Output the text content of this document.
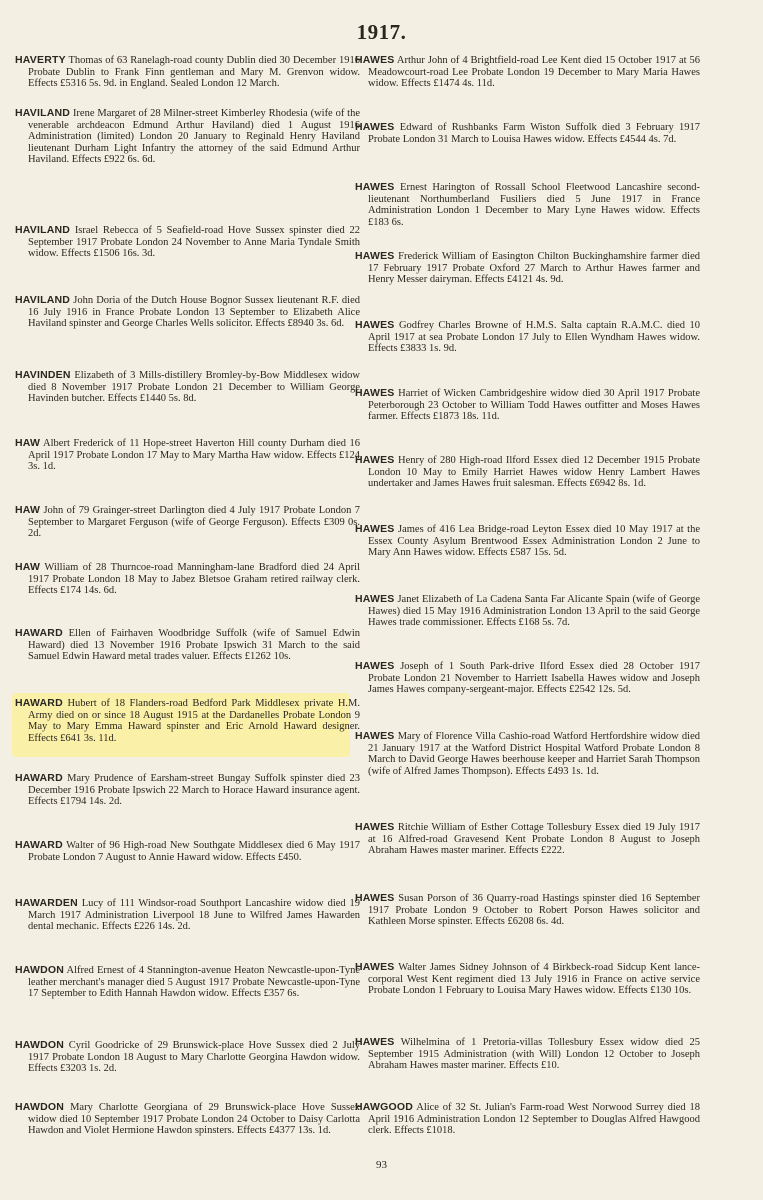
1917.
HAVERTY Thomas of 63 Ranelagh-road county Dublin died 30 December 1916 Probate Dublin to Frank Finn gentleman and Mary M. Grenvon widow. Effects £5316 5s. 9d. in England. Sealed London 12 March.
HAVILAND Irene Margaret of 28 Milner-street Kimberley Rhodesia (wife of the venerable archdeacon Edmund Arthur Haviland) died 1 August 1916 Administration (limited) London 20 January to Reginald Henry Haviland lieutenant Durham Light Infantry the attorney of the said Edmund Arthur Haviland. Effects £922 6s. 6d.
HAVILAND Israel Rebecca of 5 Seafield-road Hove Sussex spinster died 22 September 1917 Probate London 24 November to Anne Maria Tyndale Smith widow. Effects £1506 16s. 3d.
HAVILAND John Doria of the Dutch House Bognor Sussex lieutenant R.F. died 16 July 1916 in France Probate London 13 September to Elizabeth Alice Haviland spinster and George Charles Wells solicitor. Effects £8940 3s. 6d.
HAVINDEN Elizabeth of 3 Mills-distillery Bromley-by-Bow Middlesex widow died 8 November 1917 Probate London 21 December to William George Havinden butcher. Effects £1440 5s. 8d.
HAW Albert Frederick of 11 Hope-street Haverton Hill county Durham died 16 April 1917 Probate London 17 May to Mary Martha Haw widow. Effects £124 3s. 1d.
HAW John of 79 Grainger-street Darlington died 4 July 1917 Probate London 7 September to Margaret Ferguson (wife of George Ferguson). Effects £309 0s. 2d.
HAW William of 28 Thurncoe-road Manningham-lane Bradford died 24 April 1917 Probate London 18 May to Jabez Bletsoe Graham retired railway clerk. Effects £174 14s. 6d.
HAWARD Ellen of Fairhaven Woodbridge Suffolk (wife of Samuel Edwin Haward) died 13 November 1916 Probate Ipswich 31 March to the said Samuel Edwin Haward metal trades valuer. Effects £1262 10s.
HAWARD Hubert of 18 Flanders-road Bedford Park Middlesex private H.M. Army died on or since 18 August 1915 at the Dardanelles Probate London 9 May to Mary Emma Haward spinster and Eric Arnold Haward designer. Effects £641 3s. 11d.
HAWARD Mary Prudence of Earsham-street Bungay Suffolk spinster died 23 December 1916 Probate Ipswich 22 March to Horace Haward insurance agent. Effects £1794 14s. 2d.
HAWARD Walter of 96 High-road New Southgate Middlesex died 6 May 1917 Probate London 7 August to Annie Haward widow. Effects £450.
HAWARDEN Lucy of 111 Windsor-road Southport Lancashire widow died 19 March 1917 Administration Liverpool 18 June to Wilfred James Hawarden dental mechanic. Effects £226 14s. 2d.
HAWDON Alfred Ernest of 4 Stannington-avenue Heaton Newcastle-upon-Tyne leather merchant's manager died 5 August 1917 Probate Newcastle-upon-Tyne 17 September to Edith Hannah Hawdon widow. Effects £357 6s.
HAWDON Cyril Goodricke of 29 Brunswick-place Hove Sussex died 2 July 1917 Probate London 18 August to Mary Charlotte Georgina Hawdon widow. Effects £3203 1s. 2d.
HAWDON Mary Charlotte Georgiana of 29 Brunswick-place Hove Sussex widow died 10 September 1917 Probate London 24 October to Daisy Carlotta Hawdon and Violet Hermione Hawdon spinsters. Effects £4377 13s. 1d.
HAWES Arthur John of 4 Brightfield-road Lee Kent died 15 October 1917 at 56 Meadowcourt-road Lee Probate London 19 December to Mary Maria Hawes widow. Effects £1474 4s. 11d.
HAWES Edward of Rushbanks Farm Wiston Suffolk died 3 February 1917 Probate London 31 March to Louisa Hawes widow. Effects £4544 4s. 7d.
HAWES Ernest Harington of Rossall School Fleetwood Lancashire second-lieutenant Northumberland Fusiliers died 5 June 1917 in France Administration London 1 December to Mary Lyne Hawes widow. Effects £183 6s.
HAWES Frederick William of Easington Chilton Buckinghamshire farmer died 17 February 1917 Probate Oxford 27 March to Arthur Hawes farmer and Henry Messer dairyman. Effects £4121 4s. 9d.
HAWES Godfrey Charles Browne of H.M.S. Salta captain R.A.M.C. died 10 April 1917 at sea Probate London 17 July to Ellen Wyndham Hawes widow. Effects £3833 1s. 9d.
HAWES Harriet of Wicken Cambridgeshire widow died 30 April 1917 Probate Peterborough 23 October to William Todd Hawes outfitter and Moses Hawes farmer. Effects £1873 18s. 11d.
HAWES Henry of 280 High-road Ilford Essex died 12 December 1915 Probate London 10 May to Emily Harriet Hawes widow Henry Lambert Hawes undertaker and James Hawes fruit salesman. Effects £6942 8s. 1d.
HAWES James of 416 Lea Bridge-road Leyton Essex died 10 May 1917 at the Essex County Asylum Brentwood Essex Administration London 2 June to Mary Ann Hawes widow. Effects £587 15s. 5d.
HAWES Janet Elizabeth of La Cadena Santa Far Alicante Spain (wife of George Hawes) died 15 May 1916 Administration London 13 April to the said George Hawes trade commissioner. Effects £168 5s. 7d.
HAWES Joseph of 1 South Park-drive Ilford Essex died 28 October 1917 Probate London 21 November to Harriett Isabella Hawes widow and Joseph James Hawes company-sergeant-major. Effects £2542 12s. 5d.
HAWES Mary of Florence Villa Cashio-road Watford Hertfordshire widow died 21 January 1917 at the Watford District Hospital Watford Probate London 8 March to David George Hawes beerhouse keeper and Harriet Sarah Thompson (wife of Alfred James Thompson). Effects £493 1s. 1d.
HAWES Ritchie William of Esther Cottage Tollesbury Essex died 19 July 1917 at 16 Alfred-road Gravesend Kent Probate London 8 August to Joseph Abraham Hawes master mariner. Effects £222.
HAWES Susan Porson of 36 Quarry-road Hastings spinster died 16 September 1917 Probate London 9 October to Robert Porson Hawes solicitor and Kathleen Morse spinster. Effects £6208 6s. 4d.
HAWES Walter James Sidney Johnson of 4 Birkbeck-road Sidcup Kent lance-corporal West Kent regiment died 13 July 1916 in France on active service Probate London 1 February to Louisa Mary Hawes widow. Effects £130 10s.
HAWES Wilhelmina of 1 Pretoria-villas Tollesbury Essex widow died 25 September 1915 Administration (with Will) London 12 October to Joseph Abraham Hawes master mariner. Effects £10.
HAWGOOD Alice of 32 St. Julian's Farm-road West Norwood Surrey died 18 April 1916 Administration London 12 September to Douglas Alfred Hawgood clerk. Effects £1018.
93
